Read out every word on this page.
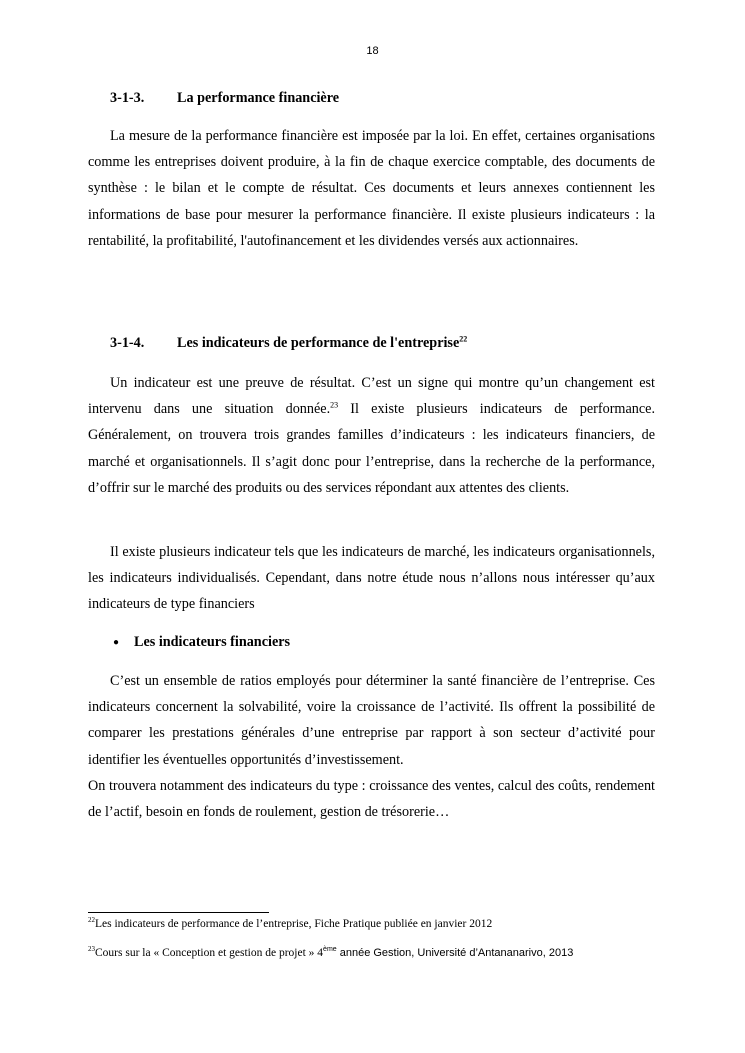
18
3-1-3. La performance financière

La mesure de la performance financière est imposée par la loi. En effet, certaines organisations comme les entreprises doivent produire, à la fin de chaque exercice comptable, des documents de synthèse : le bilan et le compte de résultat. Ces documents et leurs annexes contiennent les informations de base pour mesurer la performance financière. Il existe plusieurs indicateurs : la rentabilité, la profitabilité, l'autofinancement et les dividendes versés aux actionnaires.

3-1-4. Les indicateurs de performance de l'entreprise$^{22}$

Un indicateur est une preuve de résultat. C’est un signe qui montre qu’un changement est intervenu dans une situation donnée.$^{23}$ Il existe plusieurs indicateurs de performance. Généralement, on trouvera trois grandes familles d’indicateurs : les indicateurs financiers, de marché et organisationnels. Il s’agit donc pour l’entreprise, dans la recherche de la performance, d’offrir sur le marché des produits ou des services répondant aux attentes des clients.

Il existe plusieurs indicateur tels que les indicateurs de marché, les indicateurs organisationnels, les indicateurs individualisés. Cependant, dans notre étude nous n’allons nous intéresser qu’aux indicateurs de type financiers

● Les indicateurs financiers

C’est un ensemble de ratios employés pour déterminer la santé financière de l’entreprise. Ces indicateurs concernent la solvabilité, voire la croissance de l’activité. Ils offrent la possibilité de comparer les prestations générales d’une entreprise par rapport à son secteur d’activité pour identifier les éventuelles opportunités d’investissement.

On trouvera notamment des indicateurs du type : croissance des ventes, calcul des coûts, rendement de l’actif, besoin en fonds de roulement, gestion de trésorerie…
$^{22}$Les indicateurs de performance de l’entreprise, Fiche Pratique publiée en janvier 2012
$^{23}$Cours sur la « Conception et gestion de projet » 4ème année Gestion, Université d’Antananarivo, 2013
